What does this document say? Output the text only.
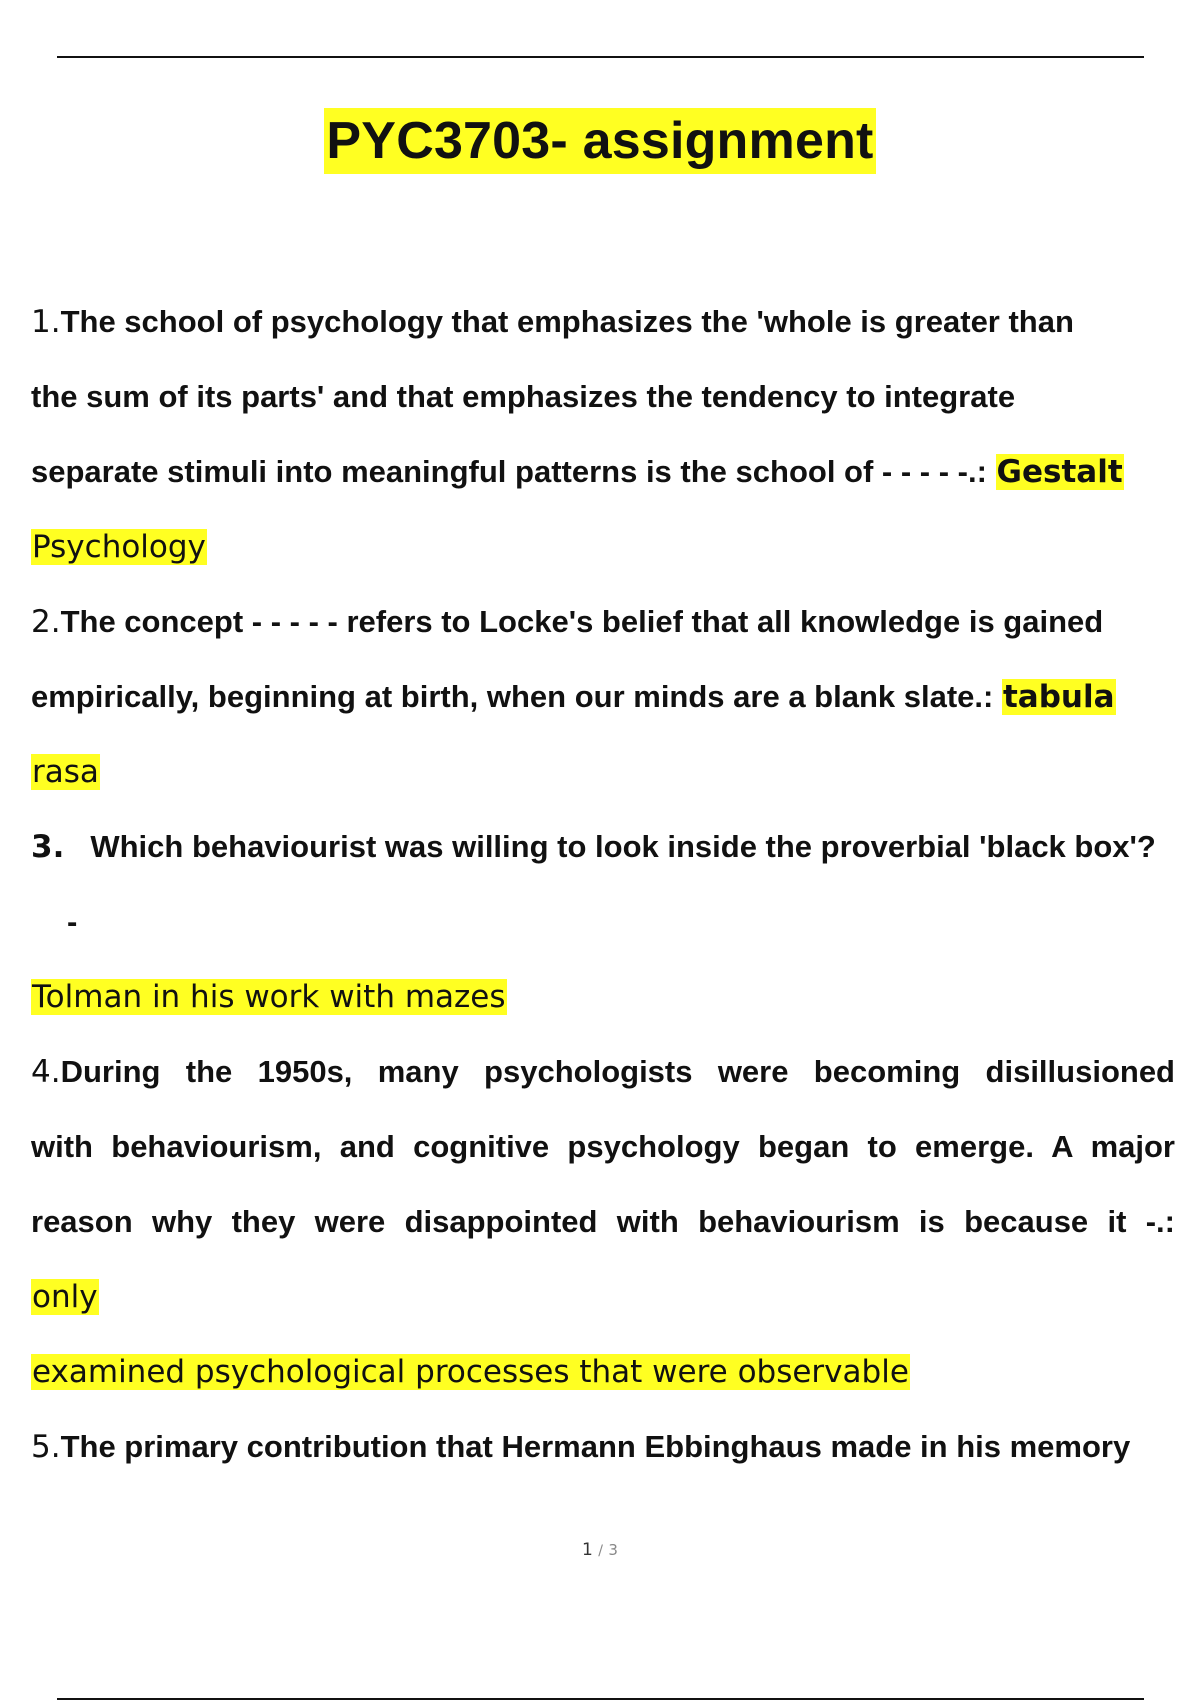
PYC3703- assignment
1.The school of psychology that emphasizes the 'whole is greater than
the sum of its parts' and that emphasizes the tendency to integrate
separate stimuli into meaningful patterns is the school of - - - - -.: Gestalt
Psychology
2.The concept - - - - - refers to Locke's belief that all knowledge is gained
empirically, beginning at birth, when our minds are a blank slate.: tabula
rasa
3. Which behaviourist was willing to look inside the proverbial 'black box'?
-
Tolman in his work with mazes
4.During the 1950s, many psychologists were becoming disillusioned
with behaviourism, and cognitive psychology began to emerge. A major
reason why they were disappointed with behaviourism is because it -.:
only
examined psychological processes that were observable
5.The primary contribution that Hermann Ebbinghaus made in his memory
1 / 3
